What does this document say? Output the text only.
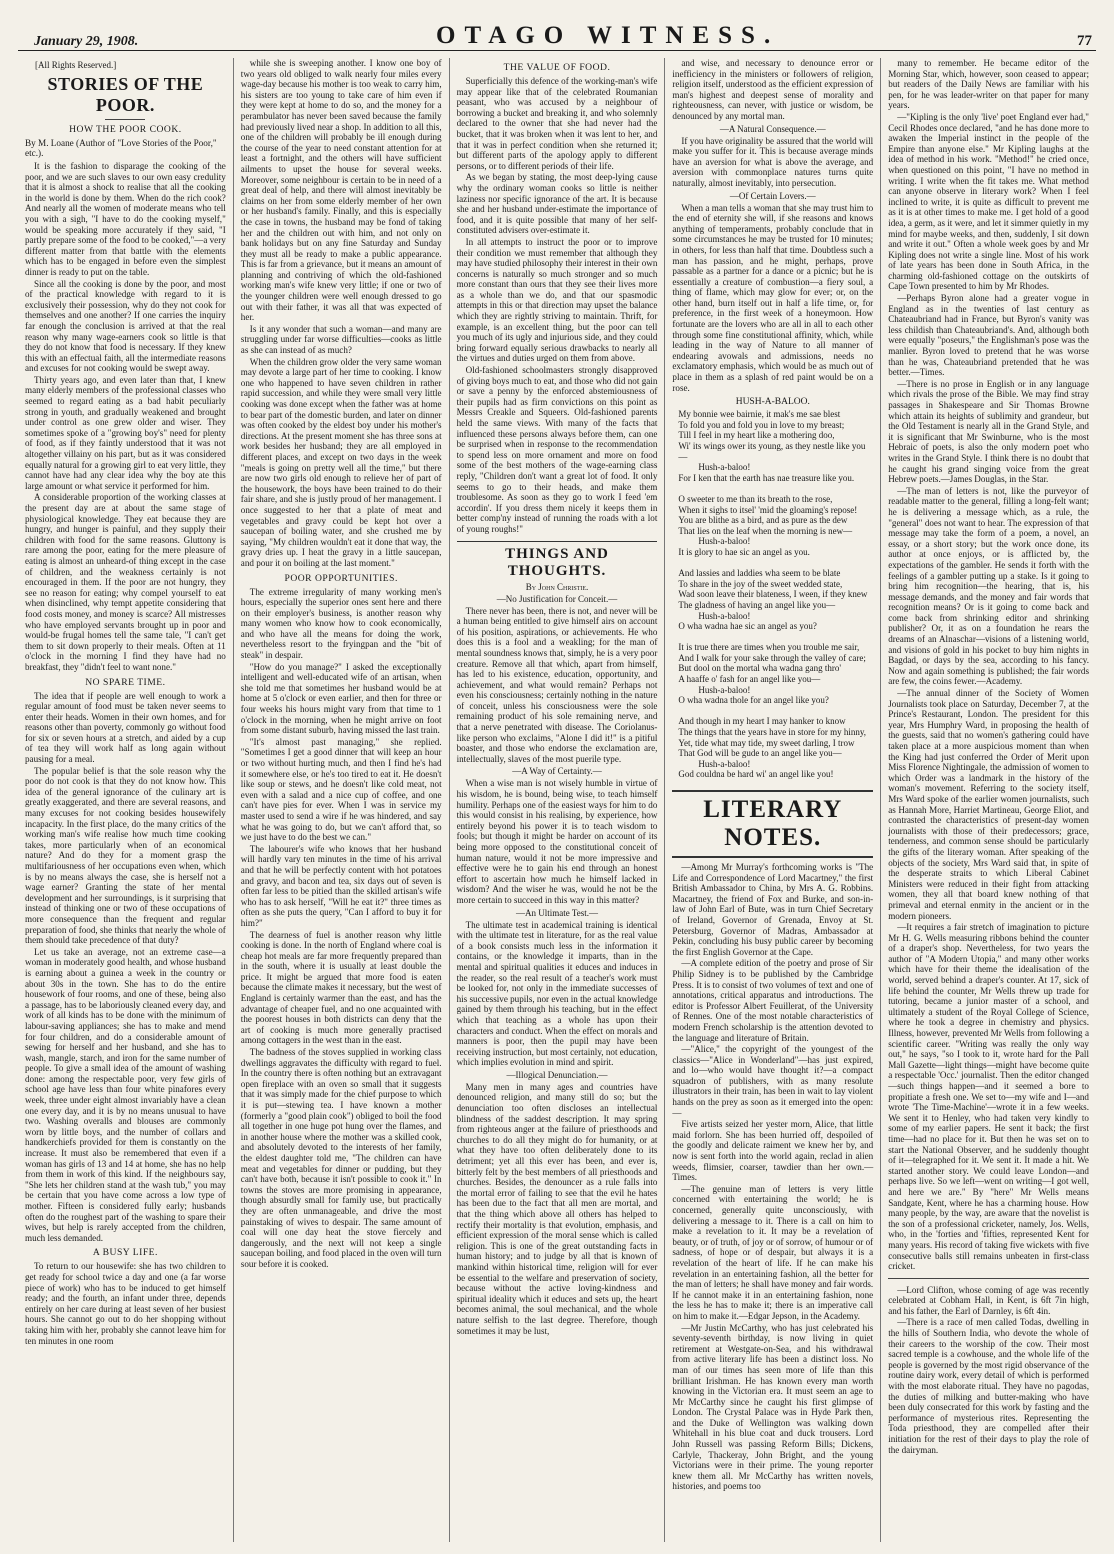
January 29, 1908.	OTAGO WITNESS.	77
[All Rights Reserved.]
STORIES OF THE POOR.
HOW THE POOR COOK.
By M. Loane (Author of "Love Stories of the Poor," etc.).

It is the fashion to disparage the cooking of the poor, and we are such slaves to our own easy credulity that it is almost a shock to realise that all the cooking in the world is done by them. When do the rich cook? And nearly all the women of moderate means who tell you with a sigh, "I have to do the cooking myself," would be speaking more accurately if they said, "I partly prepare some of the food to be cooked,"—a very different matter from that battle with the elements which has to be engaged in before even the simplest dinner is ready to put on the table.

Since all the cooking is done by the poor, and most of the practical knowledge with regard to it is exclusively their possession, why do they not cook for themselves and one another? If one carries the inquiry far enough the conclusion is arrived at that the real reason why many wage-earners cook so little is that they do not know that food is necessary. If they knew this with an effectual faith, all the intermediate reasons and excuses for not cooking would be swept away.

Thirty years ago, and even later than that, I knew many elderly members of the professional classes who seemed to regard eating as a bad habit peculiarly strong in youth, and gradually weakened and brought under control as one grew older and wiser. They sometimes spoke of a "growing boy's" need for plenty of food, as if they faintly understood that it was not altogether villainy on his part, but as it was considered equally natural for a growing girl to eat very little, they cannot have had any clear idea why the boy ate this large amount or what service it performed for him.

A considerable proportion of the working classes at the present day are at about the same stage of physiological knowledge. They eat because they are hungry, and hunger is painful, and they supply their children with food for the same reasons. Gluttony is rare among the poor, eating for the mere pleasure of eating is almost an unheard-of thing except in the case of children, and the weakness certainly is not encouraged in them. If the poor are not hungry, they see no reason for eating; why compel yourself to eat when disinclined, why tempt appetite considering that food costs money, and money is scarce? All mistresses who have employed servants brought up in poor and would-be frugal homes tell the same tale, "I can't get them to sit down properly to their meals. Often at 11 o'clock in the morning I find they have had no breakfast, they "didn't feel to want none."

NO SPARE TIME.

The idea that if people are well enough to work a regular amount of food must be taken never seems to enter their heads. Women in their own homes, and for reasons other than poverty, commonly go without food for six or seven hours at a stretch, and aided by a cup of tea they will work half as long again without pausing for a meal.

The popular belief is that the sole reason why the poor do not cook is that they do not know how. This idea of the general ignorance of the culinary art is greatly exaggerated, and there are several reasons, and many excuses for not cooking besides housewifely incapacity. In the first place, do the many critics of the working man's wife realise how much time cooking takes, more particularly when of an economical nature? And do they for a moment grasp the multifariousness of her occupations even when, which is by no means always the case, she is herself not a wage earner? Granting the state of her mental development and her surroundings, is it surprising that instead of thinking one or two of these occupations of more consequence than the frequent and regular preparation of food, she thinks that nearly the whole of them should take precedence of that duty?

Let us take an average, not an extreme case—a woman in moderately good health, and whose husband is earning about a guinea a week in the country or about 30s in the town. She has to do the entire housework of four rooms, and one of these, being also a passage, has to be laboriously cleaned every day, and work of all kinds has to be done with the minimum of labour-saving appliances; she has to make and mend for four children, and do a considerable amount of sewing for herself and her husband, and she has to wash, mangle, starch, and iron for the same number of people. To give a small idea of the amount of washing done: among the respectable poor, very few girls of school age have less than four white pinafores every week, three under eight almost invariably have a clean one every day, and it is by no means unusual to have two. Washing overalls and blouses are commonly worn by little boys, and the number of collars and handkerchiefs provided for them is constantly on the increase. It must also be remembered that even if a woman has girls of 13 and 14 at home, she has no help from them in work of this kind. If the neighbours say, "She lets her children stand at the wash tub," you may be certain that you have come across a low type of mother. Fifteen is considered fully early; husbands often do the roughest part of the washing to spare their wives, but help is rarely accepted from the children, much less demanded.

A BUSY LIFE.

To return to our housewife: she has two children to get ready for school twice a day and one (a far worse piece of work) who has to be induced to get himself ready; and the fourth, an infant under three, depends entirely on her care during at least seven of her busiest hours. She cannot go out to do her shopping without taking him with her, probably she cannot leave him for ten minutes in one room

while she is sweeping another. I know one boy of two years old obliged to walk nearly four miles every wage-day because his mother is too weak to carry him, his sisters are too young to take care of him even if they were kept at home to do so, and the money for a perambulator has never been saved because the family had previously lived near a shop. In addition to all this, one of the children will probably be ill enough during the course of the year to need constant attention for at least a fortnight, and the others will have sufficient ailments to upset the house for several weeks. Moreover, some neighbour is certain to be in need of a great deal of help, and there will almost inevitably be claims on her from some elderly member of her own or her husband's family. Finally, and this is especially the case in towns, the husband may be fond of taking her and the children out with him, and not only on bank holidays but on any fine Saturday and Sunday they must all be ready to make a public appearance. This is far from a grievance, but it means an amount of planning and contriving of which the old-fashioned working man's wife knew very little; if one or two of the younger children were well enough dressed to go out with their father, it was all that was expected of her.

Is it any wonder that such a woman—and many are struggling under far worse difficulties—cooks as little as she can instead of as much?

When the children grow older the very same woman may devote a large part of her time to cooking. I know one who happened to have seven children in rather rapid succession, and while they were small very little cooking was done except when the father was at home to bear part of the domestic burden, and later on dinner was often cooked by the eldest boy under his mother's directions. At the present moment she has three sons at work besides her husband; they are all employed in different places, and except on two days in the week "meals is going on pretty well all the time," but there are now two girls old enough to relieve her of part of the housework, the boys have been trained to do their fair share, and she is justly proud of her management. I once suggested to her that a plate of meat and vegetables and gravy could be kept hot over a saucepan of boiling water, and she crushed me by saying, "My children wouldn't eat it done that way, the gravy dries up. I heat the gravy in a little saucepan, and pour it on boiling at the last moment."

POOR OPPORTUNITIES.

The extreme irregularity of many working men's hours, especially the superior ones sent here and there on their employer's business, is another reason why many women who know how to cook economically, and who have all the means for doing the work, nevertheless resort to the fryingpan and the "bit of steak" in despair.

"How do you manage?" I asked the exceptionally intelligent and well-educated wife of an artisan, when she told me that sometimes her husband would be at home at 5 o'clock or even earlier, and then for three or four weeks his hours might vary from that time to 1 o'clock in the morning, when he might arrive on foot from some distant suburb, having missed the last train.

"It's almost past managing," she replied. "Sometimes I get a good dinner that will keep an hour or two without hurting much, and then I find he's had it somewhere else, or he's too tired to eat it. He doesn't like soup or stews, and he doesn't like cold meat, not even with a salad and a nice cup of coffee, and one can't have pies for ever. When I was in service my master used to send a wire if he was hindered, and say what he was going to do, but we can't afford that, so we just have to do the best we can."

The labourer's wife who knows that her husband will hardly vary ten minutes in the time of his arrival and that he will be perfectly content with hot potatoes and gravy, and bacon and tea, six days out of seven is often far less to be pitied than the skilled artisan's wife who has to ask herself, "Will he eat it?" three times as often as she puts the query, "Can I afford to buy it for him?"

The dearness of fuel is another reason why little cooking is done. In the north of England where coal is cheap hot meals are far more frequently prepared than in the south, where it is usually at least double the price. It might be argued that more food is eaten because the climate makes it necessary, but the west of England is certainly warmer than the east, and has the advantage of cheaper fuel, and no one acquainted with the poorest houses in both districts can deny that the art of cooking is much more generally practised among cottagers in the west than in the east.

The badness of the stoves supplied in working class dwellings aggravates the difficulty with regard to fuel. In the country there is often nothing but an extravagant open fireplace with an oven so small that it suggests that it was simply made for the chief purpose to which it is put—stewing tea. I have known a mother (formerly a "good plain cook") obliged to boil the food all together in one huge pot hung over the flames, and in another house where the mother was a skilled cook, and absolutely devoted to the interests of her family, the eldest daughter told me, "The children can have meat and vegetables for dinner or pudding, but they can't have both, because it isn't possible to cook it." In towns the stoves are more promising in appearance, though absurdly small for family use, but practically they are often unmanageable, and drive the most painstaking of wives to despair. The same amount of coal will one day heat the stove fiercely and dangerously, and the next will not keep a single saucepan boiling, and food placed in the oven will turn sour before it is cooked.

THE VALUE OF FOOD.

Superficially this defence of the working-man's wife may appear like that of the celebrated Roumanian peasant, who was accused by a neighbour of borrowing a bucket and breaking it, and who solemnly declared to the owner that she had never had the bucket, that it was broken when it was lent to her, and that it was in perfect condition when she returned it; but different parts of the apology apply to different persons, or to different periods of their life.

As we began by stating, the most deep-lying cause why the ordinary woman cooks so little is neither laziness nor specific ignorance of the art. It is because she and her husband under-estimate the importance of food, and it is quite possible that many of her self-constituted advisers over-estimate it.

In all attempts to instruct the poor or to improve their condition we must remember that although they may have studied philosophy their interest in their own concerns is naturally so much stronger and so much more constant than ours that they see their lives more as a whole than we do, and that our spasmodic attempts in this or that direction may upset the balance which they are rightly striving to maintain. Thrift, for example, is an excellent thing, but the poor can tell you much of its ugly and injurious side, and they could bring forward equally serious drawbacks to nearly all the virtues and duties urged on them from above.

Old-fashioned schoolmasters strongly disapproved of giving boys much to eat, and those who did not gain or save a penny by the enforced abstemiousness of their pupils had as firm convictions on this point as Messrs Creakle and Squeers. Old-fashioned parents held the same views. With many of the facts that influenced these persons always before them, can one be surprised when in response to the recommendation to spend less on more ornament and more on food some of the best mothers of the wage-earning class reply, "Children don't want a great lot of food. It only seems to go to their heads, and make them troublesome. As soon as they go to work I feed 'em accordin'. If you dress them nicely it keeps them in better comp'ny instead of running the roads with a lot of young roughs!"

THINGS AND THOUGHTS.
By John Christie.
—No Justification for Conceit.—

There never has been, there is not, and never will be a human being entitled to give himself airs on account of his position, aspirations, or achievements. He who does this is a fool and a weakling; for the man of mental soundness knows that, simply, he is a very poor creature. Remove all that which, apart from himself, has led to his existence, education, opportunity, and achievement, and what would remain? Perhaps not even his consciousness; certainly nothing in the nature of conceit, unless his consciousness were the sole remaining product of his sole remaining nerve, and that a nerve penetrated with disease. The Coriolanus-like person who exclaims, "Alone I did it!" is a pitiful boaster, and those who endorse the exclamation are, intellectually, slaves of the most puerile type.

—A Way of Certainty.—

When a wise man is not wisely humble in virtue of his wisdom, he is bound, being wise, to teach himself humility. Perhaps one of the easiest ways for him to do this would consist in his realising, by experience, how entirely beyond his power it is to teach wisdom to fools; but though it might be harder on account of its being more opposed to the constitutional conceit of human nature, would it not be more impressive and effective were he to gain his end through an honest effort to ascertain how much he himself lacked in wisdom? And the wiser he was, would he not be the more certain to succeed in this way in this matter?

—An Ultimate Test.—

The ultimate test in academical training is identical with the ultimate test in literature, for as the real value of a book consists much less in the information it contains, or the knowledge it imparts, than in the mental and spiritual qualities it educes and induces in the reader, so the real result of a teacher's work must be looked for, not only in the immediate successes of his successive pupils, nor even in the actual knowledge gained by them through his teaching, but in the effect which that teaching as a whole has upon their characters and conduct. When the effect on morals and manners is poor, then the pupil may have been receiving instruction, but most certainly, not education, which implies evolution in mind and spirit.

—Illogical Denunciation.—

Many men in many ages and countries have denounced religion, and many still do so; but the denunciation too often discloses an intellectual blindness of the saddest description. It may spring from righteous anger at the failure of priesthoods and churches to do all they might do for humanity, or at what they have too often deliberately done to its detriment; yet all this ever has been, and ever is, bitterly felt by the best members of all priesthoods and churches. Besides, the denouncer as a rule falls into the mortal error of failing to see that the evil he hates has been due to the fact that all men are mortal, and that the thing which above all others has helped to rectify their mortality is that evolution, emphasis, and efficient expression of the moral sense which is called religion. This is one of the great outstanding facts in human history; and to judge by all that is known of mankind within historical time, religion will for ever be essential to the welfare and preservation of society, because without the active loving-kindness and spiritual ideality which it educes and sets up, the heart becomes animal, the soul mechanical, and the whole nature selfish to the last degree. Therefore, though sometimes it may be lust,

and wise, and necessary to denounce error or inefficiency in the ministers or followers of religion, religion itself, understood as the efficient expression of man's highest and deepest sense of morality and righteousness, can never, with justice or wisdom, be denounced by any mortal man.

—A Natural Consequence.—

If you have originality be assured that the world will make you suffer for it. This is because average minds have an aversion for what is above the average, and aversion with commonplace natures turns quite naturally, almost inevitably, into persecution.

—Of Certain Lovers.—

When a man tells a woman that she may trust him to the end of eternity she will, if she reasons and knows anything of temperaments, probably conclude that in some circumstances he may be trusted for 10 minutes; in others, for less than half that time. Doubtless such a man has passion, and he might, perhaps, prove passable as a partner for a dance or a picnic; but he is essentially a creature of combustion—a fiery soul, a thing of flame, which may glow for ever; or, on the other hand, burn itself out in half a life time, or, for preference, in the first week of a honeymoon. How fortunate are the lovers who are all in all to each other through some fine constitutional affinity, which, while leading in the way of Nature to all manner of endearing avowals and admissions, needs no exclamatory emphasis, which would be as much out of place in them as a splash of red paint would be on a rose.

HUSH-A-BALOO.
My bonnie wee bairnie, it mak's me sae blest
To fold you and fold you in love to my breast;
Till I feel in my heart like a mothering doo,
Wi' its wings ower its young, as they nestle like you—
Hush-a-baloo!
For I ken that the earth has nae treasure like you.

O sweeter to me than its breath to the rose,
When it sighs to itsel' 'mid the gloaming's repose!
You are blithe as a bird, and as pure as the dew
That lies on the leaf when the morning is new—
Hush-a-baloo!
It is glory to hae sic an angel as you.

And lassies and laddies wha seem to be blate
To share in the joy of the sweet wedded state,
Wad soon leave their blateness, I ween, if they knew
The gladness of having an angel like you—
Hush-a-baloo!
O wha wadna hae sic an angel as you?

It is true there are times when you trouble me sair,
And I walk for your sake through the valley of care;
But dool on the mortal wha wadna gang thro'
A haaffe o' fash for an angel like you—
Hush-a-baloo!
O wha wadna thole for an angel like you?

And though in my heart I may hanker to know
The things that the years have in store for my hinny,
Yet, tide what may tide, my sweet darling, I trow
That God will be gude to an angel like you—
Hush-a-baloo!
God couldna be hard wi' an angel like you!
LITERARY NOTES.

—Among Mr Murray's forthcoming works is "The Life and Correspondence of Lord Macartney," the first British Ambassador to China, by Mrs A. G. Robbins. Macartney, the friend of Fox and Burke, and son-in-law of John Earl of Bute, was in turn Chief Secretary of Ireland, Governor of Grenada, Envoy at St. Petersburg, Governor of Madras, Ambassador at Pekin, concluding his busy public career by becoming the first English Governor at the Cape.

—A complete edition of the poetry and prose of Sir Philip Sidney is to be published by the Cambridge Press. It is to consist of two volumes of text and one of annotations, critical apparatus and introductions. The editor is Professor Albert Feuillerat, of the University of Rennes. One of the most notable characteristics of modern French scholarship is the attention devoted to the language and literature of Britain.

—"Alice," the copyright of the youngest of the classics—"Alice in Wonderland"—has just expired, and lo—who would have thought it?—a compact squadron of publishers, with as many resolute illustrators in their train, has been in wait to lay violent hands on the prey as soon as it emerged into the open:—

Five artists seized her yester morn, Alice, that little maid forlorn. She has been hurried off, despoiled of the goodly and delicate raiment we knew her by, and now is sent forth into the world again, reclad in alien weeds, flimsier, coarser, tawdier than her own.—Times.

—The genuine man of letters is very little concerned with entertaining the world; he is concerned, generally quite unconsciously, with delivering a message to it. There is a call on him to make a revelation to it. It may be a revelation of beauty, or of truth, of joy or of sorrow, of humour or of sadness, of hope or of despair, but always it is a revelation of the heart of life. If he can make his revelation in an entertaining fashion, all the better for the man of letters; he shall have money and fair words. If he cannot make it in an entertaining fashion, none the less he has to make it; there is an imperative call on him to make it.—Edgar Jepson, in the Academy.

—Mr Justin McCarthy, who has just celebrated his seventy-seventh birthday, is now living in quiet retirement at Westgate-on-Sea, and his withdrawal from active literary life has been a distinct loss. No man of our times has seen more of life than this brilliant Irishman. He has known every man worth knowing in the Victorian era. It must seem an age to Mr McCarthy since he caught his first glimpse of London. The Crystal Palace was in Hyde Park then, and the Duke of Wellington was walking down Whitehall in his blue coat and duck trousers. Lord John Russell was passing Reform Bills; Dickens, Carlyle, Thackeray, John Bright, and the young Victorians were in their prime. The young reporter knew them all. Mr McCarthy has written novels, histories, and poems too

many to remember. He became editor of the Morning Star, which, however, soon ceased to appear; but readers of the Daily News are familiar with his pen, for he was leader-writer on that paper for many years.

—"Kipling is the only 'live' poet England ever had," Cecil Rhodes once declared, "and he has done more to awaken the Imperial instinct in the people of the Empire than anyone else." Mr Kipling laughs at the idea of method in his work. "Method!" he cried once, when questioned on this point, "I have no method in writing. I write when the fit takes me. What method can anyone observe in literary work? When I feel inclined to write, it is quite as difficult to prevent me as it is at other times to make me. I get hold of a good idea, a germ, as it were, and let it simmer quietly in my mind for maybe weeks, and then, suddenly, I sit down and write it out." Often a whole week goes by and Mr Kipling does not write a single line. Most of his work of late years has been done in South Africa, in the charming old-fashioned cottage on the outskirts of Cape Town presented to him by Mr Rhodes.

—Perhaps Byron alone had a greater vogue in England as in the twenties of last century as Chateaubriand had in France, but Byron's vanity was less childish than Chateaubriand's. And, although both were equally "poseurs," the Englishman's pose was the manlier. Byron loved to pretend that he was worse than he was, Chateaubriand pretended that he was better.—Times.

—There is no prose in English or in any language which rivals the prose of the Bible. We may find stray passages in Shakespeare and Sir Thomas Browne which attain its heights of sublimity and grandeur, but the Old Testament is nearly all in the Grand Style, and it is significant that Mr Swinburne, who is the most Hebraic of poets, is also the only modern poet who writes in the Grand Style. I think there is no doubt that he caught his grand singing voice from the great Hebrew poets.—James Douglas, in the Star.

—The man of letters is not, like the purveyor of readable matter to the general, filling a long-felt want; he is delivering a message which, as a rule, the "general" does not want to hear. The expression of that message may take the form of a poem, a novel, an essay, or a short story; but the work once done, its author at once enjoys, or is afflicted by, the expectations of the gambler. He sends it forth with the feelings of a gambler putting up a stake. Is it going to bring him recognition—the hearing, that is, his message demands, and the money and fair words that recognition means? Or is it going to come back and come back from shrinking editor and shrinking publisher? Or, it as on a foundation he rears the dreams of an Alnaschar—visions of a listening world, and visions of gold in his pocket to buy him nights in Bagdad, or days by the sea, according to his fancy. Now and again something is published; the fair words are few, the coins fewer.—Academy.

—The annual dinner of the Society of Women Journalists took place on Saturday, December 7, at the Prince's Restaurant, London. The president for this year, Mrs Humphry Ward, in proposing the health of the guests, said that no women's gathering could have taken place at a more auspicious moment than when the King had just conferred the Order of Merit upon Miss Florence Nightingale, the admission of women to which Order was a landmark in the history of the woman's movement. Referring to the society itself, Mrs Ward spoke of the earlier women journalists, such as Hannah More, Harriet Martineau, George Eliot, and contrasted the characteristics of present-day women journalists with those of their predecessors; grace, tenderness, and common sense should be particularly the gifts of the literary woman. After speaking of the objects of the society, Mrs Ward said that, in spite of the desperate straits to which Liberal Cabinet Ministers were reduced in their fight from attacking women, they all that board knew nothing of that primeval and eternal enmity in the ancient or in the modern pioneers.

—It requires a fair stretch of imagination to picture Mr H. G. Wells measuring ribbons behind the counter of a draper's shop. Nevertheless, for two years the author of "A Modern Utopia," and many other works which have for their theme the idealisation of the world, served behind a draper's counter. At 17, sick of life behind the counter, Mr Wells threw up trade for tutoring, became a junior master of a school, and ultimately a student of the Royal College of Science, where he took a degree in chemistry and physics. Illness, however, prevented Mr Wells from following a scientific career. "Writing was really the only way out," he says, "so I took to it, wrote hard for the Pall Mall Gazette—light things—might have become quite a respectable 'Occ.' journalist. Then the editor changed—such things happen—and it seemed a bore to propitiate a fresh one. We set to—my wife and I—and wrote 'The Time-Machine'—wrote it in a few weeks. We sent it to Henley, who had taken very kindly to some of my earlier papers. He sent it back; the first time—had no place for it. But then he was set on to start the National Observer, and he suddenly thought of it—telegraphed for it. We sent it. It made a hit. We started another story. We could leave London—and perhaps live. So we left—went on writing—I got well, and here we are." By "here" Mr Wells means Sandgate, Kent, where he has a charming house. How many people, by the way, are aware that the novelist is the son of a professional cricketer, namely, Jos. Wells, who, in the 'forties and 'fifties, represented Kent for many years. His record of taking five wickets with five consecutive balls still remains unbeaten in first-class cricket.

—Lord Clifton, whose coming of age was recently celebrated at Cobham Hall, in Kent, is 6ft 7in high, and his father, the Earl of Darnley, is 6ft 4in.

—There is a race of men called Todas, dwelling in the hills of Southern India, who devote the whole of their careers to the worship of the cow. Their most sacred temple is a cowhouse, and the whole life of the people is governed by the most rigid observance of the routine dairy work, every detail of which is performed with the most elaborate ritual. They have no pagodas, the duties of milking and butter-making who have been duly consecrated for this work by fasting and the performance of mysterious rites. Representing the Toda priesthood, they are compelled after their initiation for the rest of their days to play the role of the dairyman.
